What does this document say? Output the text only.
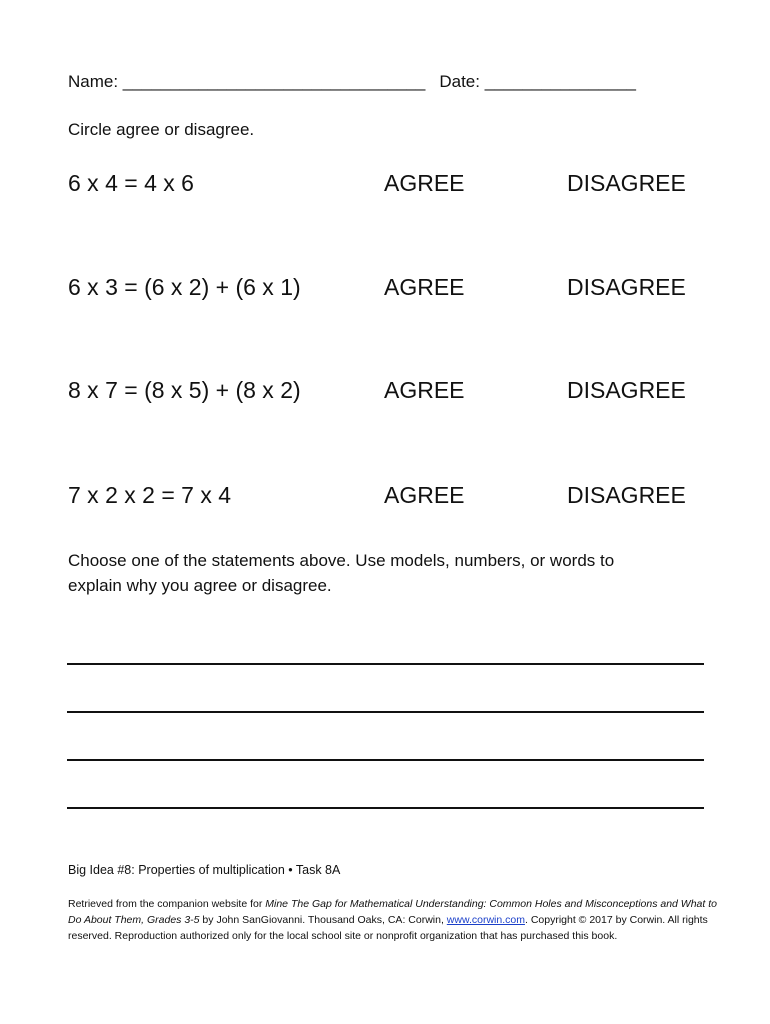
Name: ________________________________ Date: ________________
Circle agree or disagree.
6 x 4 = 4 x 6	AGREE	DISAGREE
6 x 3 = (6 x 2) + (6 x 1)	AGREE	DISAGREE
8 x 7 = (8 x 5) + (8 x 2)	AGREE	DISAGREE
7 x 2 x 2 = 7 x 4	AGREE	DISAGREE
Choose one of the statements above. Use models, numbers, or words to
explain why you agree or disagree.
Big Idea #8: Properties of multiplication • Task 8A
Retrieved from the companion website for Mine The Gap for Mathematical Understanding: Common Holes and Misconceptions and What to Do About Them, Grades 3-5 by John SanGiovanni. Thousand Oaks, CA: Corwin, www.corwin.com. Copyright © 2017 by Corwin. All rights reserved. Reproduction authorized only for the local school site or nonprofit organization that has purchased this book.
